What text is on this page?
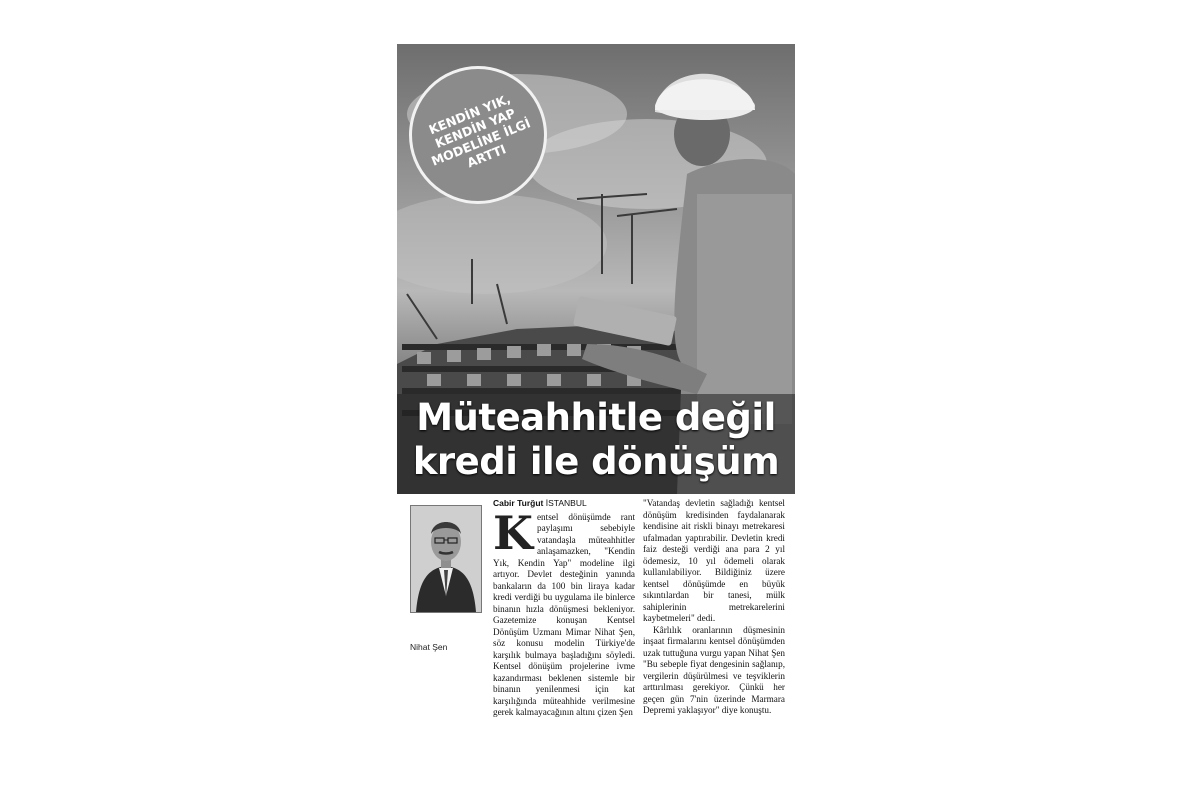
KENDİN YIK, KENDİN YAP MODELİNE İLGİ ARTTI
Müteahhitle değil
kredi ile dönüşüm
Nihat Şen
Cabir Turğut İSTANBUL
K entsel dönüşümde rant paylaşımı sebebiyle vatandaşla müteahhitler anlaşamazken, "Kendin Yık, Kendin Yap" modeline ilgi artıyor. Devlet desteğinin yanında bankaların da 100 bin liraya kadar kredi verdiği bu uygulama ile binlerce binanın hızla dönüşmesi bekleniyor. Gazetemize konuşan Kentsel Dönüşüm Uzmanı Mimar Nihat Şen, söz konusu modelin Türkiye'de karşılık bulmaya başladığını söyledi. Kentsel dönüşüm projelerine ivme kazandırması beklenen sistemle bir binanın yenilenmesi için kat karşılığında müteahhide verilmesine gerek kalmayacağının altını çizen Şen

"Vatandaş devletin sağladığı kentsel dönüşüm kredisinden faydalanarak kendisine ait riskli binayı metrekaresi ufalmadan yaptırabilir. Devletin kredi faiz desteği verdiği ana para 2 yıl ödemesiz, 10 yıl ödemeli olarak kullanılabiliyor. Bildiğiniz üzere kentsel dönüşümde en büyük sıkıntılardan bir tanesi, mülk sahiplerinin metrekarelerini kaybetmeleri" dedi.

Kârlılık oranlarının düşmesinin inşaat firmalarını kentsel dönüşümden uzak tuttuğuna vurgu yapan Nihat Şen "Bu sebeple fiyat dengesinin sağlanıp, vergilerin düşürülmesi ve teşviklerin arttırılması gerekiyor. Çünkü her geçen gün 7'nin üzerinde Marmara Depremi yaklaşıyor" diye konuştu.
